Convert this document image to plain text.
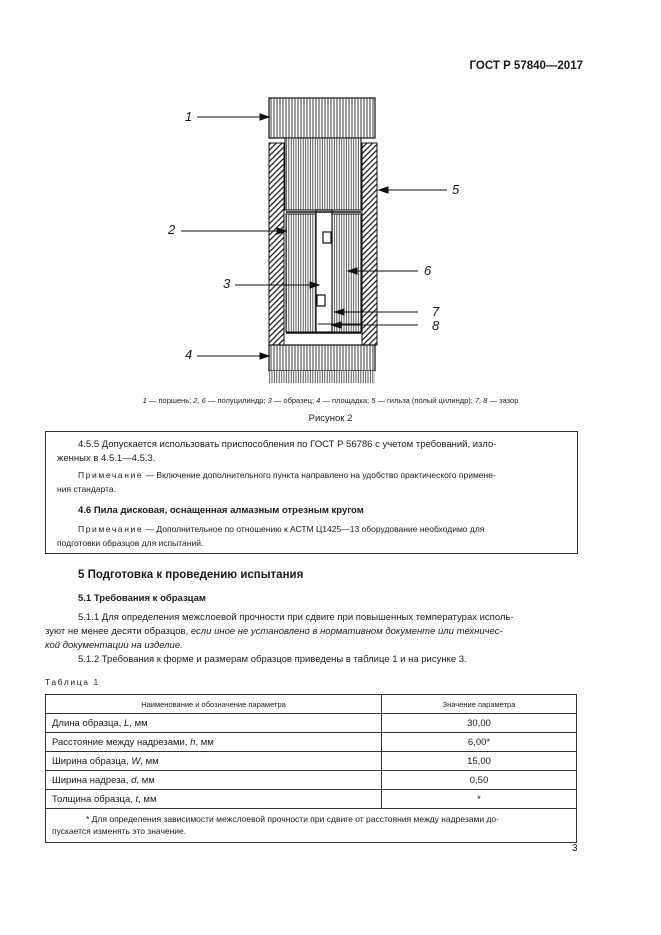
ГОСТ Р 57840—2017
1
2
3
4
5
6
7
8
1 — поршень; 2, 6 — полуцилиндр; 3 — образец; 4 — площадка; 5 — гильза (полый цилиндр); 7, 8 — зазор
Рисунок 2
4.5.5 Допускается использовать приспособления по ГОСТ Р 56786 с учетом требований, изло-
женных в 4.5.1—4.5.3.
Примечание — Включение дополнительного пункта направлено на удобство практического примене-
ния стандарта.
4.6 Пила дисковая, оснащенная алмазным отрезным кругом
Примечание — Дополнительное по отношению к АСТМ Ц1425—13 оборудование необходимо для
подготовки образцов для испытаний.
5 Подготовка к проведению испытания
5.1 Требования к образцам
5.1.1 Для определения межслоевой прочности при сдвиге при повышенных температурах исполь-
зуют не менее десяти образцов, если иное не установлено в нормативном документе или техничес-
кой документации на изделие.
5.1.2 Требования к форме и размерам образцов приведены в таблице 1 и на рисунке 3.
Таблица 1
Наименование и обозначение параметра	Значение параметра
Длина образца, L, мм	30,00
Расстояние между надрезами, h, мм	6,00*
Ширина образца, W, мм	15,00
Ширина надреза, d, мм	0,50
Толщина образца, t, мм	*

* Для определения зависимости межслоевой прочности при сдвиге от расстояния между надрезами до-
пускается изменять это значение.	
3
